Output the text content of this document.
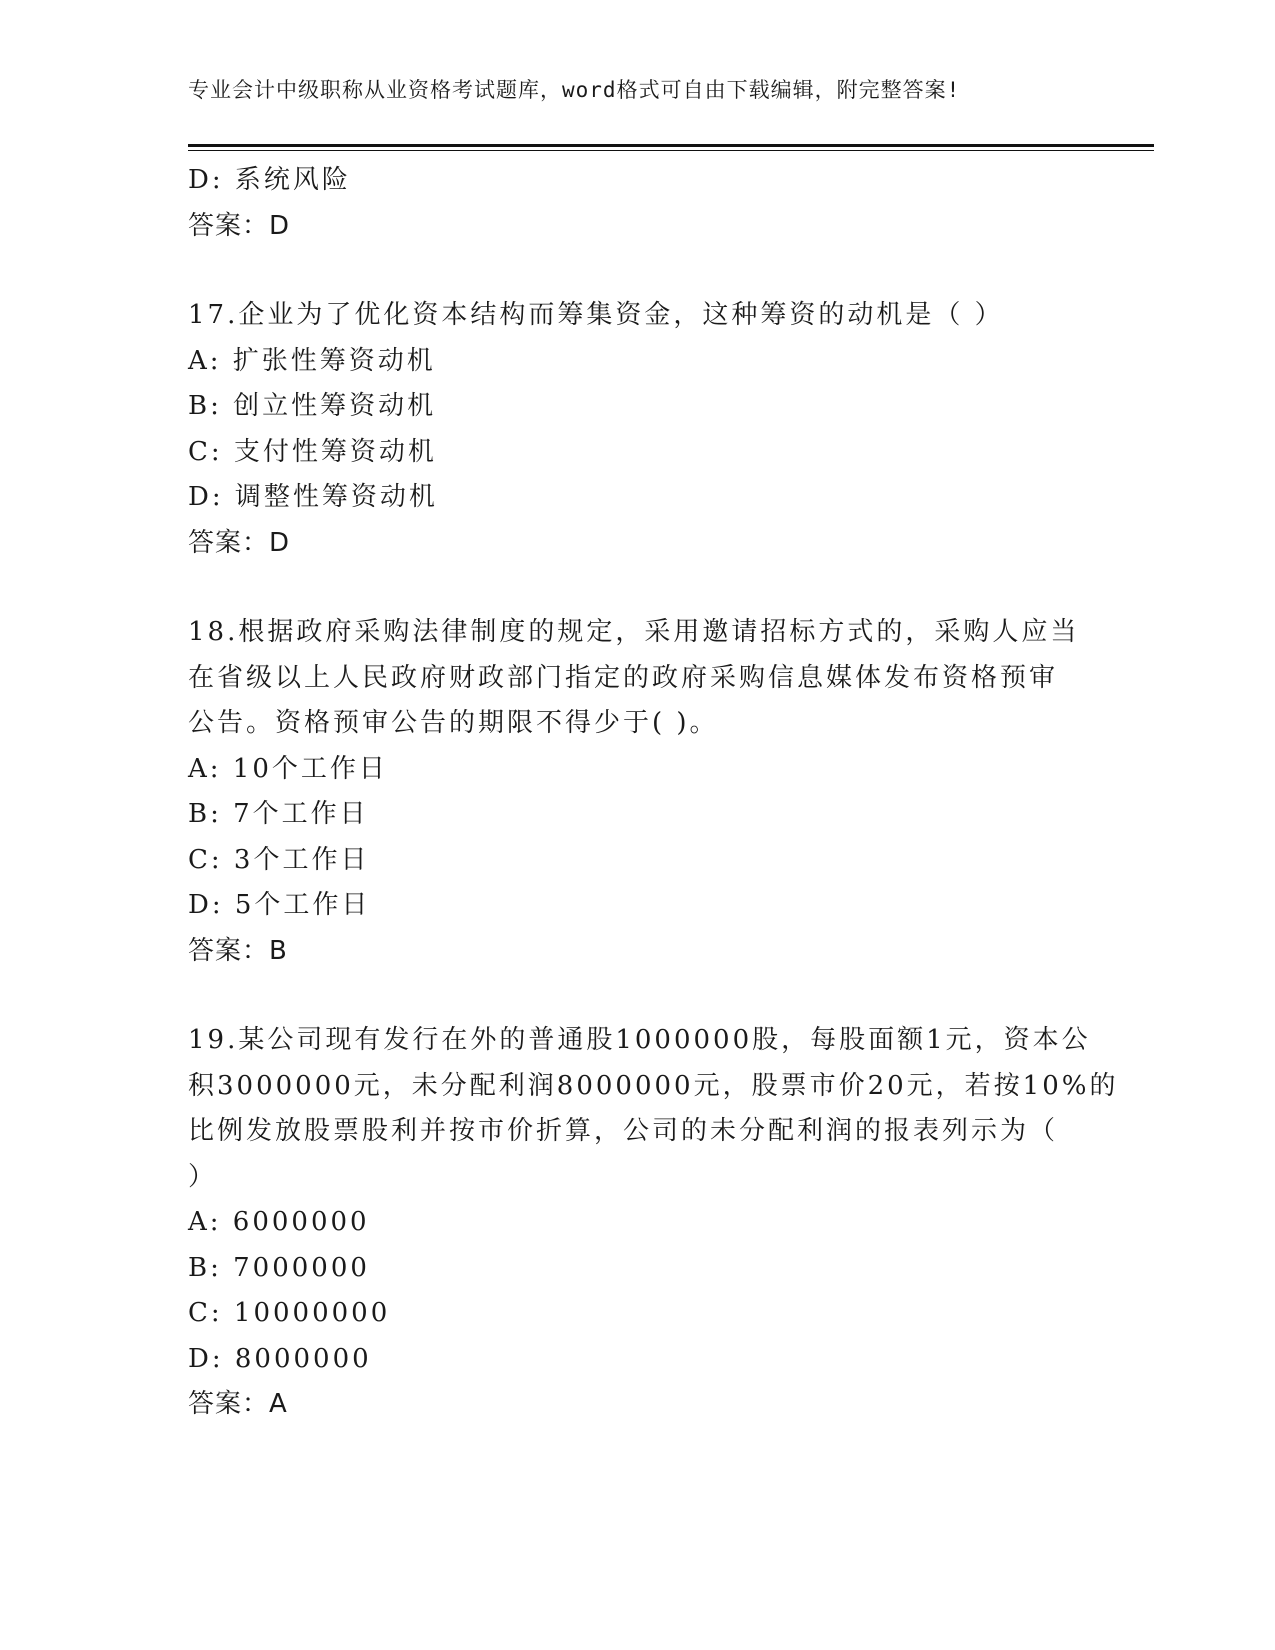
专业会计中级职称从业资格考试题库，word格式可自由下载编辑，附完整答案!
D: 系统风险
答案：D
17.企业为了优化资本结构而筹集资金，这种筹资的动机是（ ）
A: 扩张性筹资动机
B: 创立性筹资动机
C: 支付性筹资动机
D: 调整性筹资动机
答案：D
18.根据政府采购法律制度的规定，采用邀请招标方式的，采购人应当
在省级以上人民政府财政部门指定的政府采购信息媒体发布资格预审
公告。资格预审公告的期限不得少于( )。
A: 10个工作日
B: 7个工作日
C: 3个工作日
D: 5个工作日
答案：B
19.某公司现有发行在外的普通股1000000股，每股面额1元，资本公
积3000000元，未分配利润8000000元，股票市价20元，若按10%的
比例发放股票股利并按市价折算，公司的未分配利润的报表列示为（
）
A: 6000000
B: 7000000
C: 10000000
D: 8000000
答案：A
